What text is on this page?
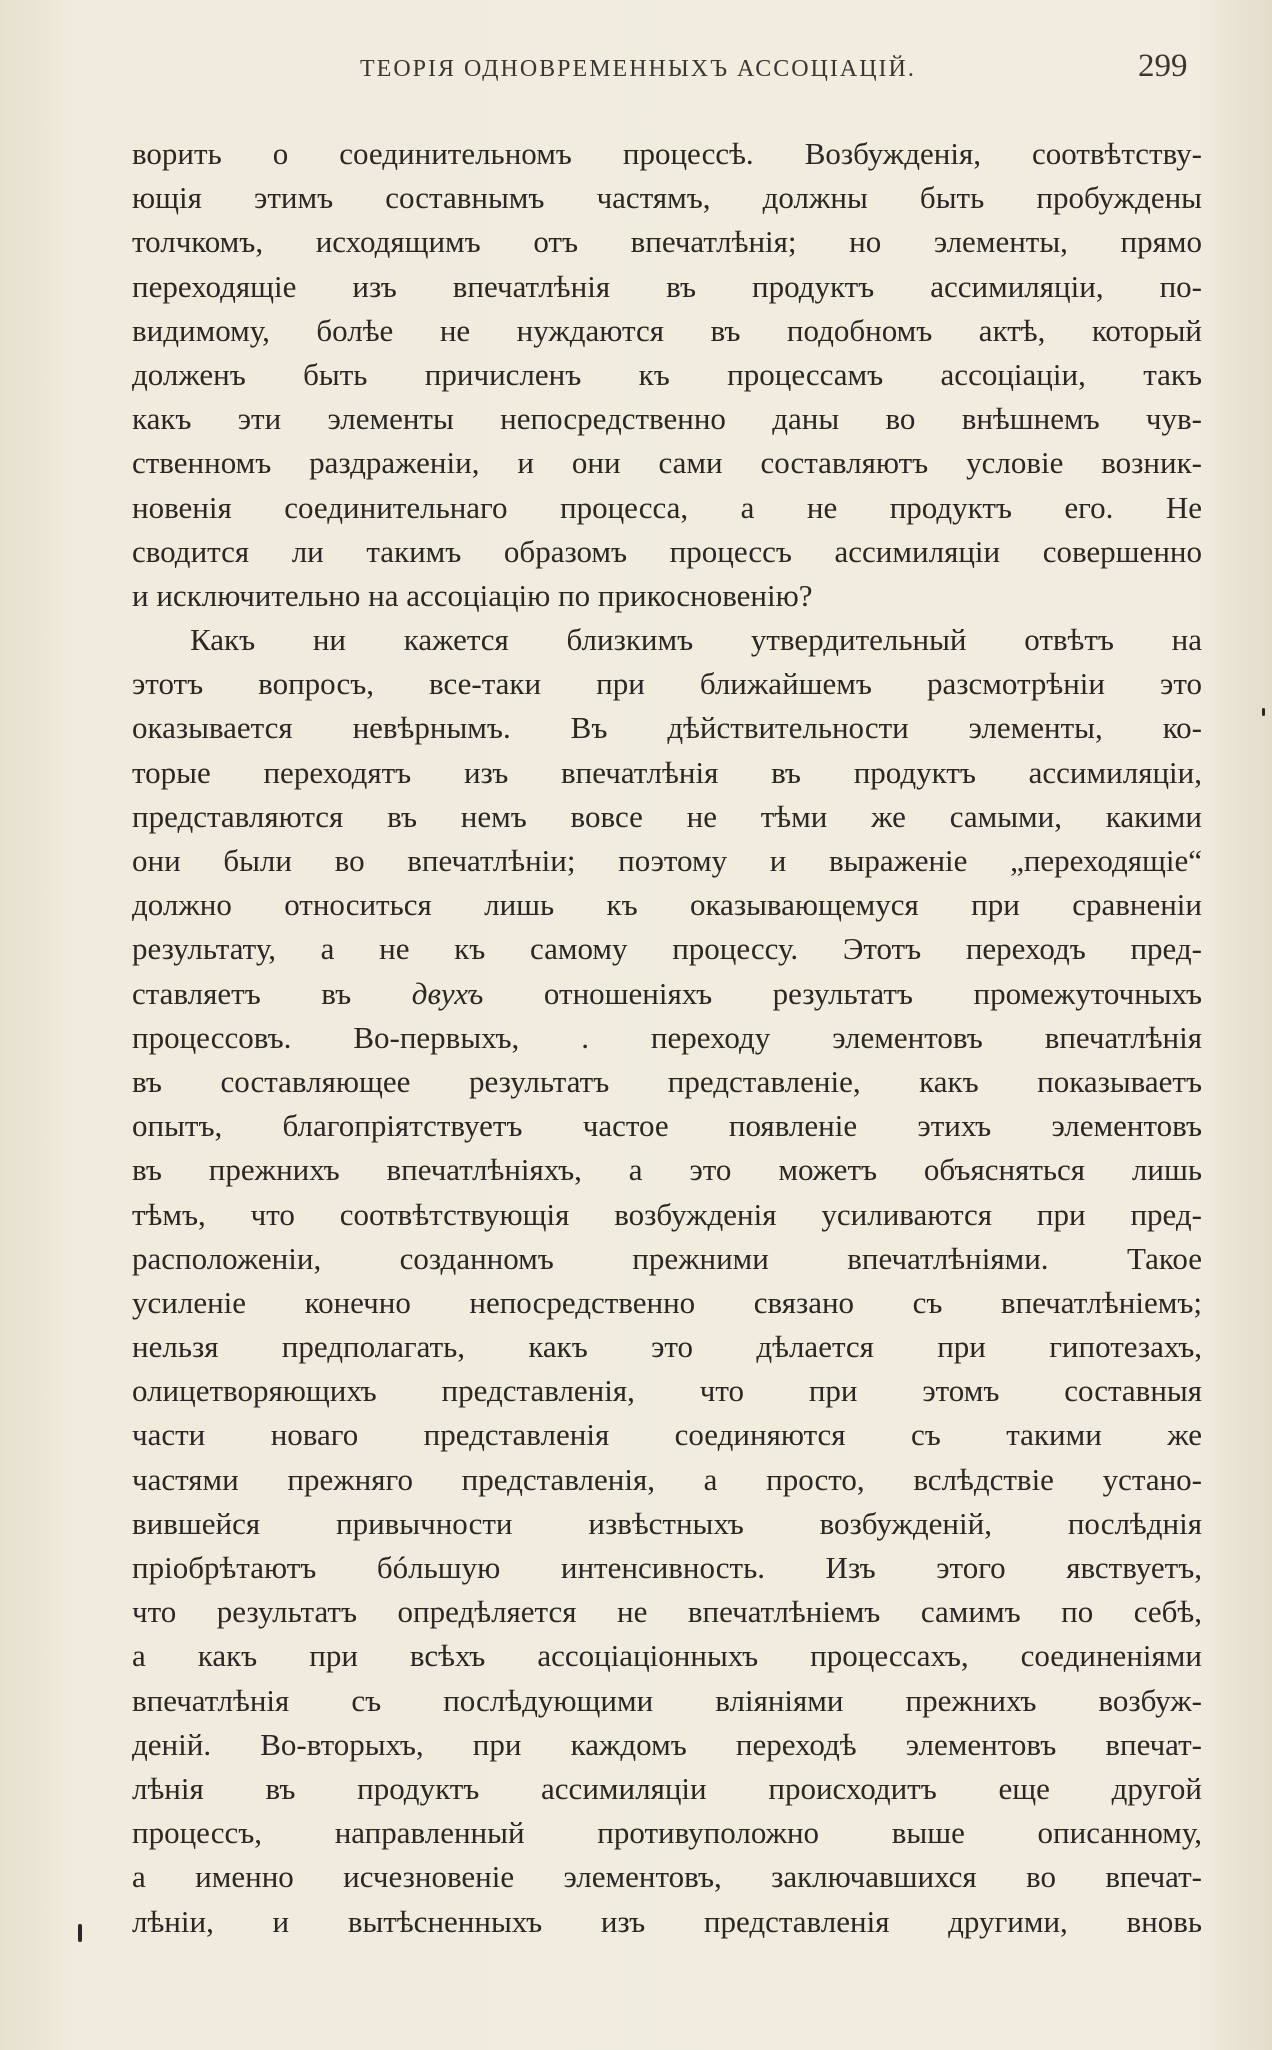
ТЕОРІЯ ОДНОВРЕМЕННЫХЪ АССОЦІАЦІЙ.	299
ворить о соединительномъ процессѣ. Возбужденія, соотвѣтству-
ющія этимъ составнымъ частямъ, должны быть пробуждены
толчкомъ, исходящимъ отъ впечатлѣнія; но элементы, прямо
переходящіе изъ впечатлѣнія въ продуктъ ассимиляціи, по-
видимому, болѣе не нуждаются въ подобномъ актѣ, который
долженъ быть причисленъ къ процессамъ ассоціаціи, такъ
какъ эти элементы непосредственно даны во внѣшнемъ чув-
ственномъ раздраженіи, и они сами составляютъ условіе возник-
новенія соединительнаго процесса, а не продуктъ его. Не
сводится ли такимъ образомъ процессъ ассимиляціи совершенно
и исключительно на ассоціацію по прикосновенію?
Какъ ни кажется близкимъ утвердительный отвѣтъ на
этотъ вопросъ, все-таки при ближайшемъ разсмотрѣніи это
оказывается невѣрнымъ. Въ дѣйствительности элементы, ко-
торые переходятъ изъ впечатлѣнія въ продуктъ ассимиляціи,
представляются въ немъ вовсе не тѣми же самыми, какими
они были во впечатлѣніи; поэтому и выраженіе „переходящіе“
должно относиться лишь къ оказывающемуся при сравненіи
результату, а не къ самому процессу. Этотъ переходъ пред-
ставляетъ въ двухъ отношеніяхъ результатъ промежуточныхъ
процессовъ. Во-первыхъ, . переходу элементовъ впечатлѣнія
въ составляющее результатъ представленіе, какъ показываетъ
опытъ, благопріятствуетъ частое появленіе этихъ элементовъ
въ прежнихъ впечатлѣніяхъ, а это можетъ объясняться лишь
тѣмъ, что соотвѣтствующія возбужденія усиливаются при пред-
расположеніи, созданномъ прежними впечатлѣніями. Такое
усиленіе конечно непосредственно связано съ впечатлѣніемъ;
нельзя предполагать, какъ это дѣлается при гипотезахъ,
олицетворяющихъ представленія, что при этомъ составныя
части новаго представленія соединяются съ такими же
частями прежняго представленія, а просто, вслѣдствіе устано-
вившейся привычности извѣстныхъ возбужденій, послѣднія
пріобрѣтаютъ бóльшую интенсивность. Изъ этого явствуетъ,
что результатъ опредѣляется не впечатлѣніемъ самимъ по себѣ,
а какъ при всѣхъ ассоціаціонныхъ процессахъ, соединеніями
впечатлѣнія съ послѣдующими вліяніями прежнихъ возбуж-
деній. Во-вторыхъ, при каждомъ переходѣ элементовъ впечат-
лѣнія въ продуктъ ассимиляціи происходитъ еще другой
процессъ, направленный противуположно выше описанному,
а именно исчезновеніе элементовъ, заключавшихся во впечат-
лѣніи, и вытѣсненныхъ изъ представленія другими, вновь
